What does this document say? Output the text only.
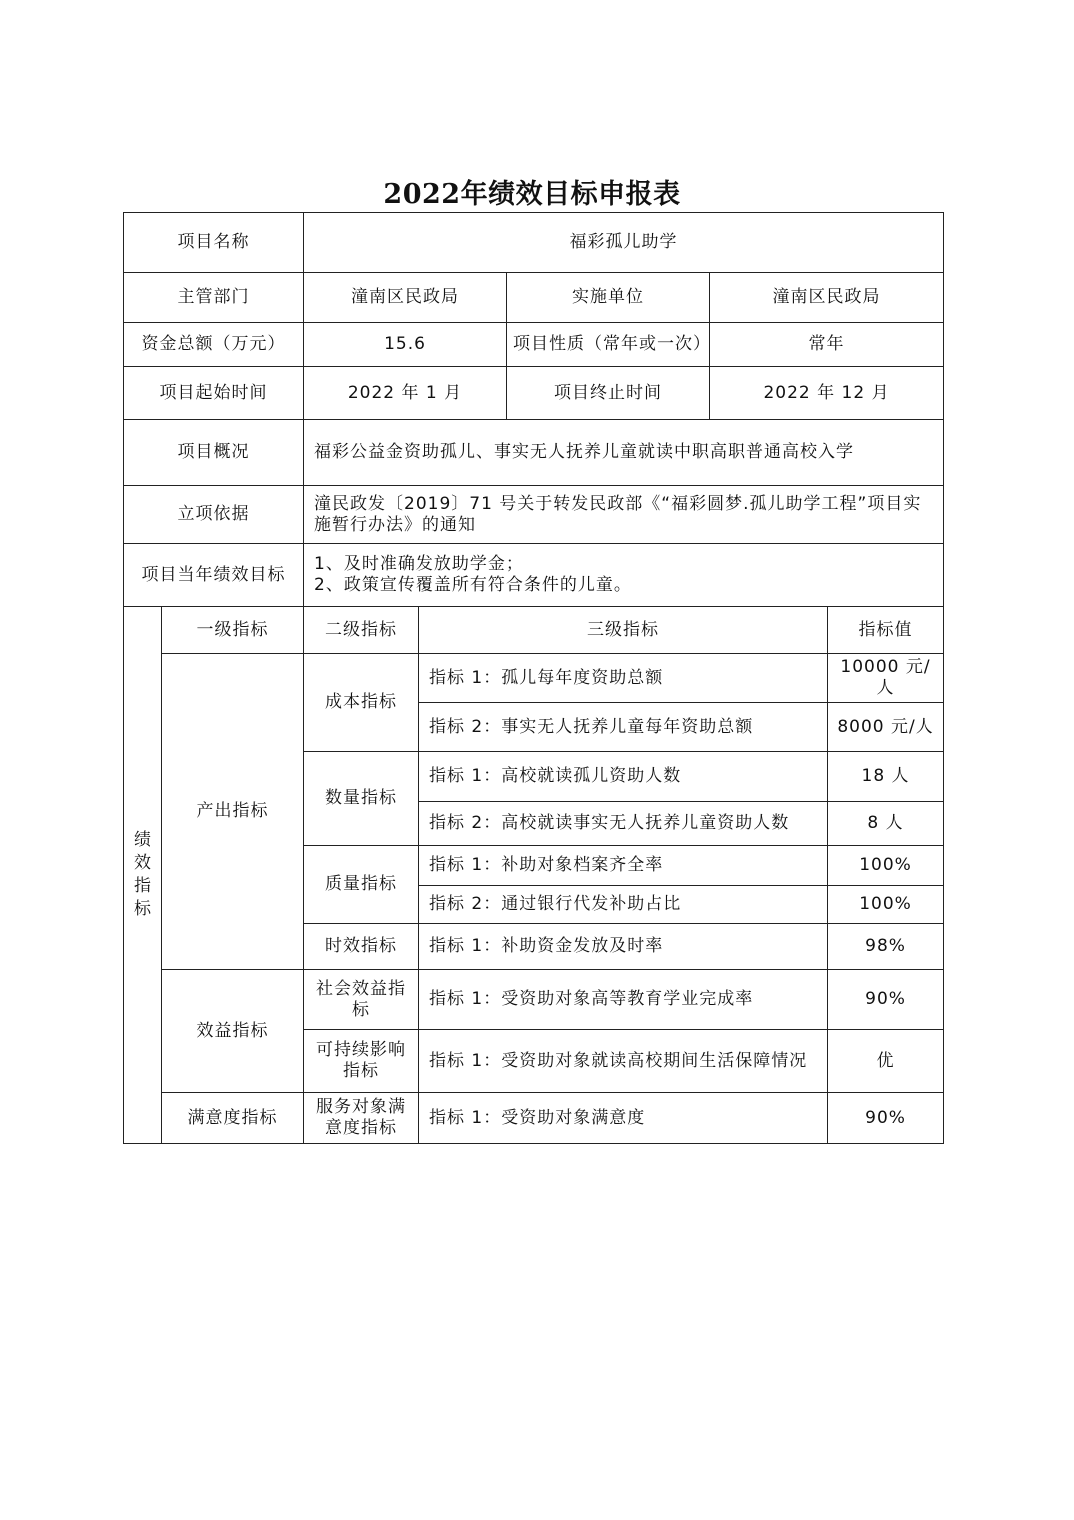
2022年绩效目标申报表
项目名称		福彩孤儿助学				
主管部门		潼南区民政局		实施单位	潼南区民政局	
资金总额（万元）		15.6		项目性质（常年或一次）	常年	
项目起始时间		2022 年 1 月		项目终止时间	2022 年 12 月	
项目概况		福彩公益金资助孤儿、事实无人抚养儿童就读中职高职普通高校入学				
立项依据		潼民政发〔2019〕71 号关于转发民政部《“福彩圆梦.孤儿助学工程”项目实施暂行办法》的通知				
项目当年绩效目标		1、及时准确发放助学金；
2、政策宣传覆盖所有符合条件的儿童。				

绩效指标	一级指标	二级指标	三级指标			指标值
	产出指标	成本指标	指标 1：孤儿每年度资助总额			10000 元/人
			指标 2：事实无人抚养儿童每年资助总额			8000 元/人
		数量指标	指标 1：高校就读孤儿资助人数			18 人
			指标 2：高校就读事实无人抚养儿童资助人数			8 人
		质量指标	指标 1：补助对象档案齐全率			100%
			指标 2：通过银行代发补助占比			100%
		时效指标	指标 1：补助资金发放及时率			98%
	效益指标	社会效益指标	指标 1：受资助对象高等教育学业完成率			90%
		可持续影响指标	指标 1：受资助对象就读高校期间生活保障情况			优
	满意度指标	服务对象满意度指标	指标 1：受资助对象满意度			90%
